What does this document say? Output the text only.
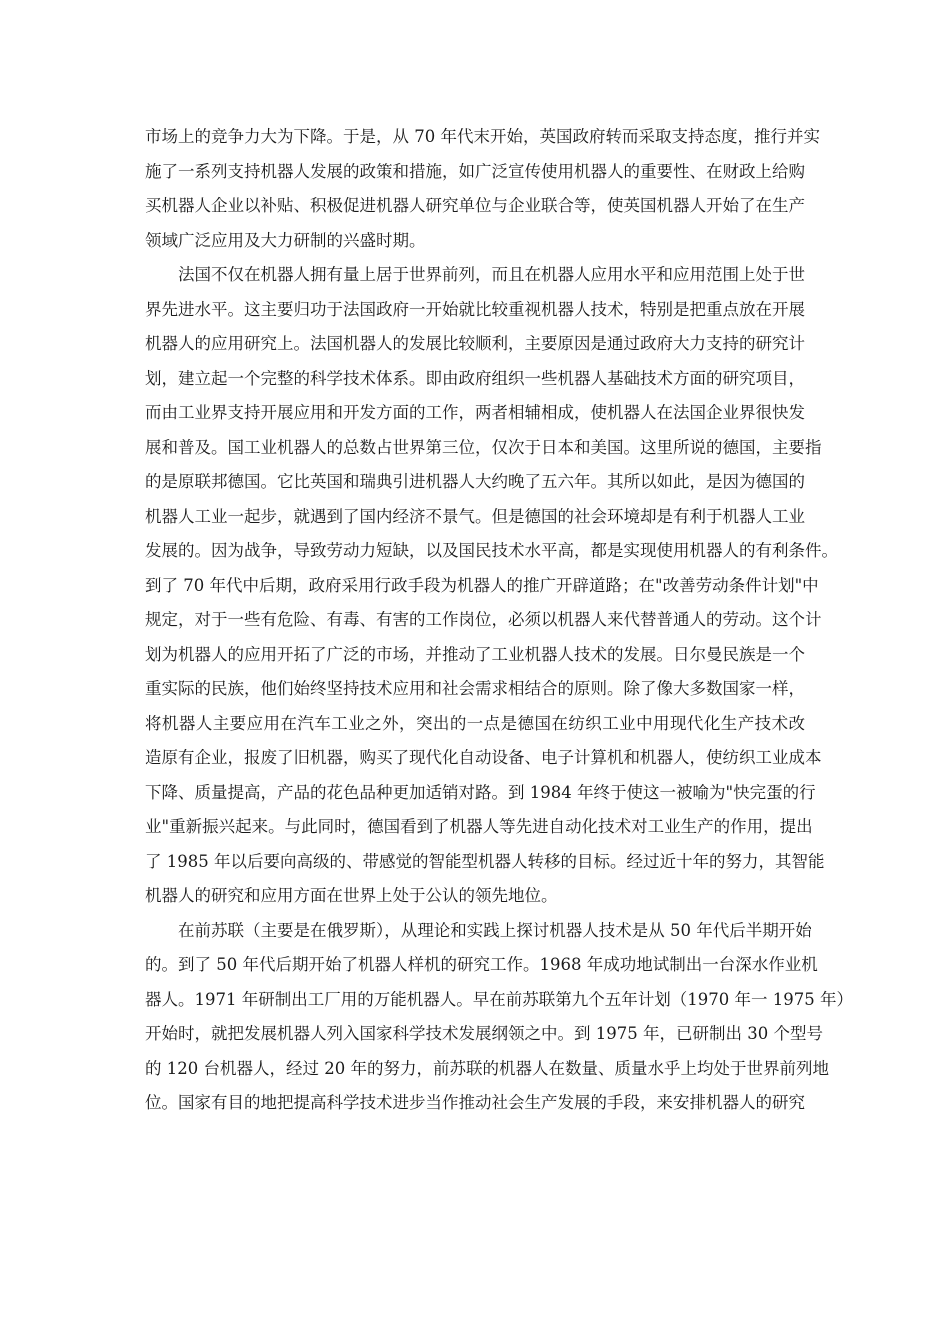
市场上的竞争力大为下降。于是，从 70 年代末开始，英国政府转而采取支持态度，推行并实
施了一系列支持机器人发展的政策和措施，如广泛宣传使用机器人的重要性、在财政上给购
买机器人企业以补贴、积极促进机器人研究单位与企业联合等，使英国机器人开始了在生产
领域广泛应用及大力研制的兴盛时期。
法国不仅在机器人拥有量上居于世界前列，而且在机器人应用水平和应用范围上处于世
界先进水平。这主要归功于法国政府一开始就比较重视机器人技术，特别是把重点放在开展
机器人的应用研究上。法国机器人的发展比较顺利，主要原因是通过政府大力支持的研究计
划，建立起一个完整的科学技术体系。即由政府组织一些机器人基础技术方面的研究项目，
而由工业界支持开展应用和开发方面的工作，两者相辅相成，使机器人在法国企业界很快发
展和普及。国工业机器人的总数占世界第三位，仅次于日本和美国。这里所说的德国，主要指
的是原联邦德国。它比英国和瑞典引进机器人大约晚了五六年。其所以如此，是因为德国的
机器人工业一起步，就遇到了国内经济不景气。但是德国的社会环境却是有利于机器人工业
发展的。因为战争，导致劳动力短缺，以及国民技术水平高，都是实现使用机器人的有利条件。
到了 70 年代中后期，政府采用行政手段为机器人的推广开辟道路；在"改善劳动条件计划"中
规定，对于一些有危险、有毒、有害的工作岗位，必须以机器人来代替普通人的劳动。这个计
划为机器人的应用开拓了广泛的市场，并推动了工业机器人技术的发展。日尔曼民族是一个
重实际的民族，他们始终坚持技术应用和社会需求相结合的原则。除了像大多数国家一样，
将机器人主要应用在汽车工业之外，突出的一点是德国在纺织工业中用现代化生产技术改
造原有企业，报废了旧机器，购买了现代化自动设备、电子计算机和机器人，使纺织工业成本
下降、质量提高，产品的花色品种更加适销对路。到 1984 年终于使这一被喻为"快完蛋的行
业"重新振兴起来。与此同时，德国看到了机器人等先进自动化技术对工业生产的作用，提出
了 1985 年以后要向高级的、带感觉的智能型机器人转移的目标。经过近十年的努力，其智能
机器人的研究和应用方面在世界上处于公认的领先地位。
在前苏联（主要是在俄罗斯），从理论和实践上探讨机器人技术是从 50 年代后半期开始
的。到了 50 年代后期开始了机器人样机的研究工作。1968 年成功地试制出一台深水作业机
器人。1971 年研制出工厂用的万能机器人。早在前苏联第九个五年计划（1970 年一 1975 年）
开始时，就把发展机器人列入国家科学技术发展纲领之中。到 1975 年，已研制出 30 个型号
的 120 台机器人，经过 20 年的努力，前苏联的机器人在数量、质量水乎上均处于世界前列地
位。国家有目的地把提高科学技术进步当作推动社会生产发展的手段，来安排机器人的研究
